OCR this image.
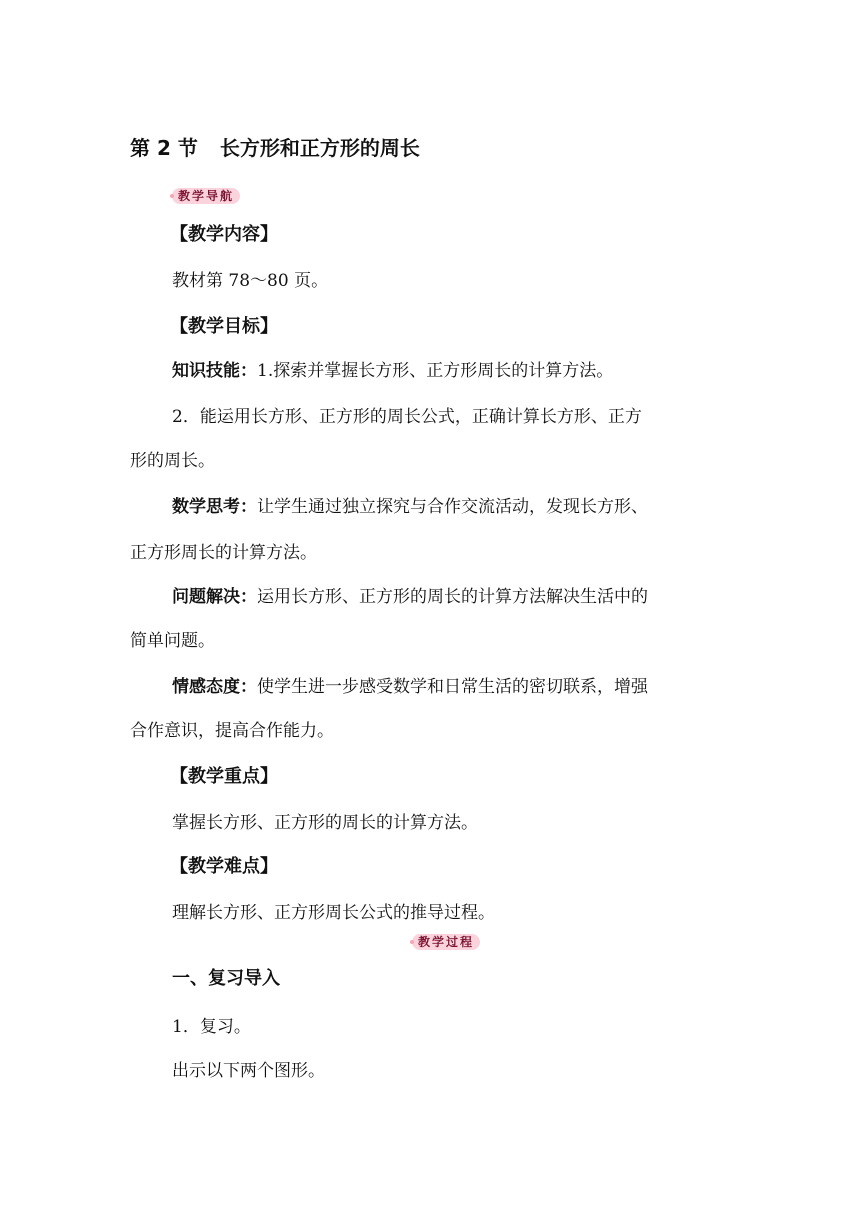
第 2 节 长方形和正方形的周长
教学导航
【教学内容】
教材第 78～80 页。
【教学目标】
知识技能：1.探索并掌握长方形、正方形周长的计算方法。
2．能运用长方形、正方形的周长公式，正确计算长方形、正方
形的周长。
数学思考：让学生通过独立探究与合作交流活动，发现长方形、
正方形周长的计算方法。
问题解决：运用长方形、正方形的周长的计算方法解决生活中的
简单问题。
情感态度：使学生进一步感受数学和日常生活的密切联系，增强
合作意识，提高合作能力。
【教学重点】
掌握长方形、正方形的周长的计算方法。
【教学难点】
理解长方形、正方形周长公式的推导过程。
教学过程
一、复习导入
1．复习。
出示以下两个图形。
